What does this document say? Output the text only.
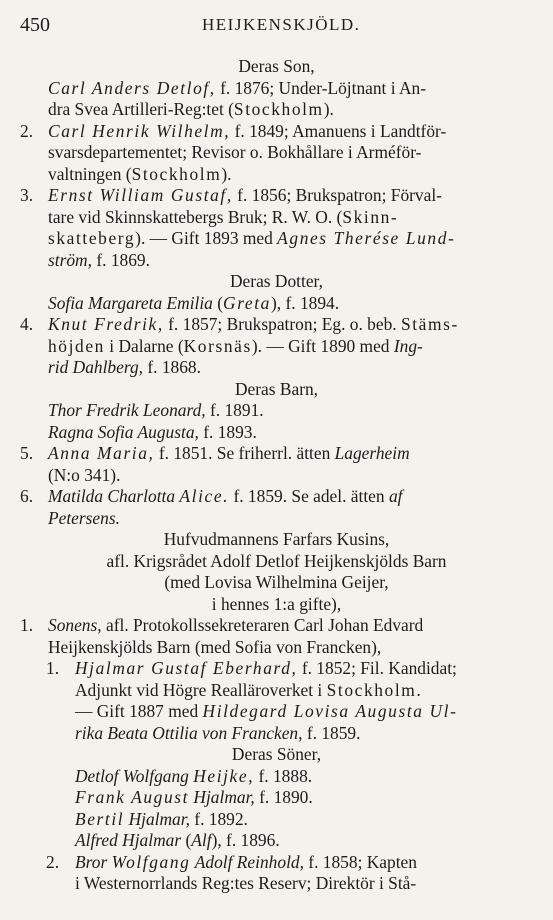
450	HEIJKENSKJÖLD.
Deras Son,
Carl Anders Detlof, f. 1876; Under-Löjtnant i An-
dra Svea Artilleri-Reg:tet (Stockholm).
2. Carl Henrik Wilhelm, f. 1849; Amanuens i Landtför-
svarsdepartementet; Revisor o. Bokhållare i Arméför-
valtningen (Stockholm).
3. Ernst William Gustaf, f. 1856; Brukspatron; Förval-
tare vid Skinnskattebergs Bruk; R. W. O. (Skinn-
skatteberg). — Gift 1893 med Agnes Therése Lund-
ström, f. 1869.
Deras Dotter,
Sofia Margareta Emilia (Greta), f. 1894.
4. Knut Fredrik, f. 1857; Brukspatron; Eg. o. beb. Stäms-
höjden i Dalarne (Korsnäs). — Gift 1890 med Ing-
rid Dahlberg, f. 1868.
Deras Barn,
Thor Fredrik Leonard, f. 1891.
Ragna Sofia Augusta, f. 1893.
5. Anna Maria, f. 1851. Se friherrl. ätten Lagerheim
(N:o 341).
6. Matilda Charlotta Alice. f. 1859. Se adel. ätten af
Petersens.
Hufvudmannens Farfars Kusins,
afl. Krigsrådet Adolf Detlof Heijkenskjölds Barn
(med Lovisa Wilhelmina Geijer,
i hennes 1:a gifte),
1. Sonens, afl. Protokollssekreteraren Carl Johan Edvard
Heijkenskjölds Barn (med Sofia von Francken),
1. Hjalmar Gustaf Eberhard, f. 1852; Fil. Kandidat;
Adjunkt vid Högre Realläroverket i Stockholm.
— Gift 1887 med Hildegard Lovisa Augusta Ul-
rika Beata Ottilia von Francken, f. 1859.
Deras Söner,
Detlof Wolfgang Heijke, f. 1888.
Frank August Hjalmar, f. 1890.
Bertil Hjalmar, f. 1892.
Alfred Hjalmar (Alf), f. 1896.
2. Bror Wolfgang Adolf Reinhold, f. 1858; Kapten
i Westernorrlands Reg:tes Reserv; Direktör i Stå-
